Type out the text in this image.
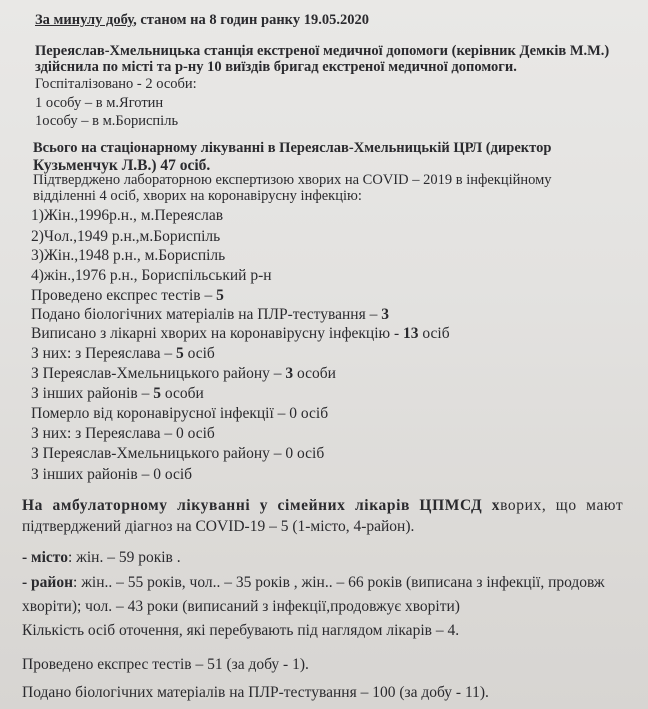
За минулу добу, станом на 8 годин ранку 19.05.2020
Переяслав-Хмельницька станція екстреної медичної допомоги (керівник Демків М.М.)
здійснила по місті та р-ну 10 виїздів бригад екстреної медичної допомоги.
Госпіталізовано - 2 особи:
1 особу – в м.Яготин
1особу – в м.Бориспіль
Всього на стаціонарному лікуванні в Переяслав-Хмельницькій ЦРЛ (директор
Кузьменчук Л.В.) 47 осіб.
Підтверджено лабораторною експертизою хворих на COVID – 2019 в інфекційному
відділенні 4 осіб, хворих на коронавірусну інфекцію:
1)Жін.,1996р.н., м.Переяслав
2)Чол.,1949 р.н.,м.Бориспіль
3)Жін.,1948 р.н., м.Бориспіль
4)жін.,1976 р.н., Бориспільський р-н
Проведено експрес тестів – 5
Подано біологічних матеріалів на ПЛР-тестування – 3
Виписано з лікарні хворих на коронавірусну інфекцію - 13 осіб
З них: з Переяслава – 5 осіб
З Переяслав-Хмельницького району – 3 особи
З інших районів – 5 особи
Померло від коронавірусної інфекції – 0 осіб
З них: з Переяслава – 0 осіб
З Переяслав-Хмельницького району – 0 осіб
З інших районів – 0 осіб
На амбулаторному лікуванні у сімейних лікарів ЦПМСД хворих, що мают
підтверджений діагноз на COVID-19 – 5 (1-місто, 4-район).
- місто: жін. – 59 років .
- район: жін.. – 55 років, чол.. – 35 років , жін.. – 66 років (виписана з інфекції, продовж
хворіти); чол. – 43 роки (виписаний з інфекції,продовжує хворіти)
Кількість осіб оточення, які перебувають під наглядом лікарів – 4.
Проведено експрес тестів – 51 (за добу - 1).
Подано біологічних матеріалів на ПЛР-тестування – 100 (за добу - 11).
